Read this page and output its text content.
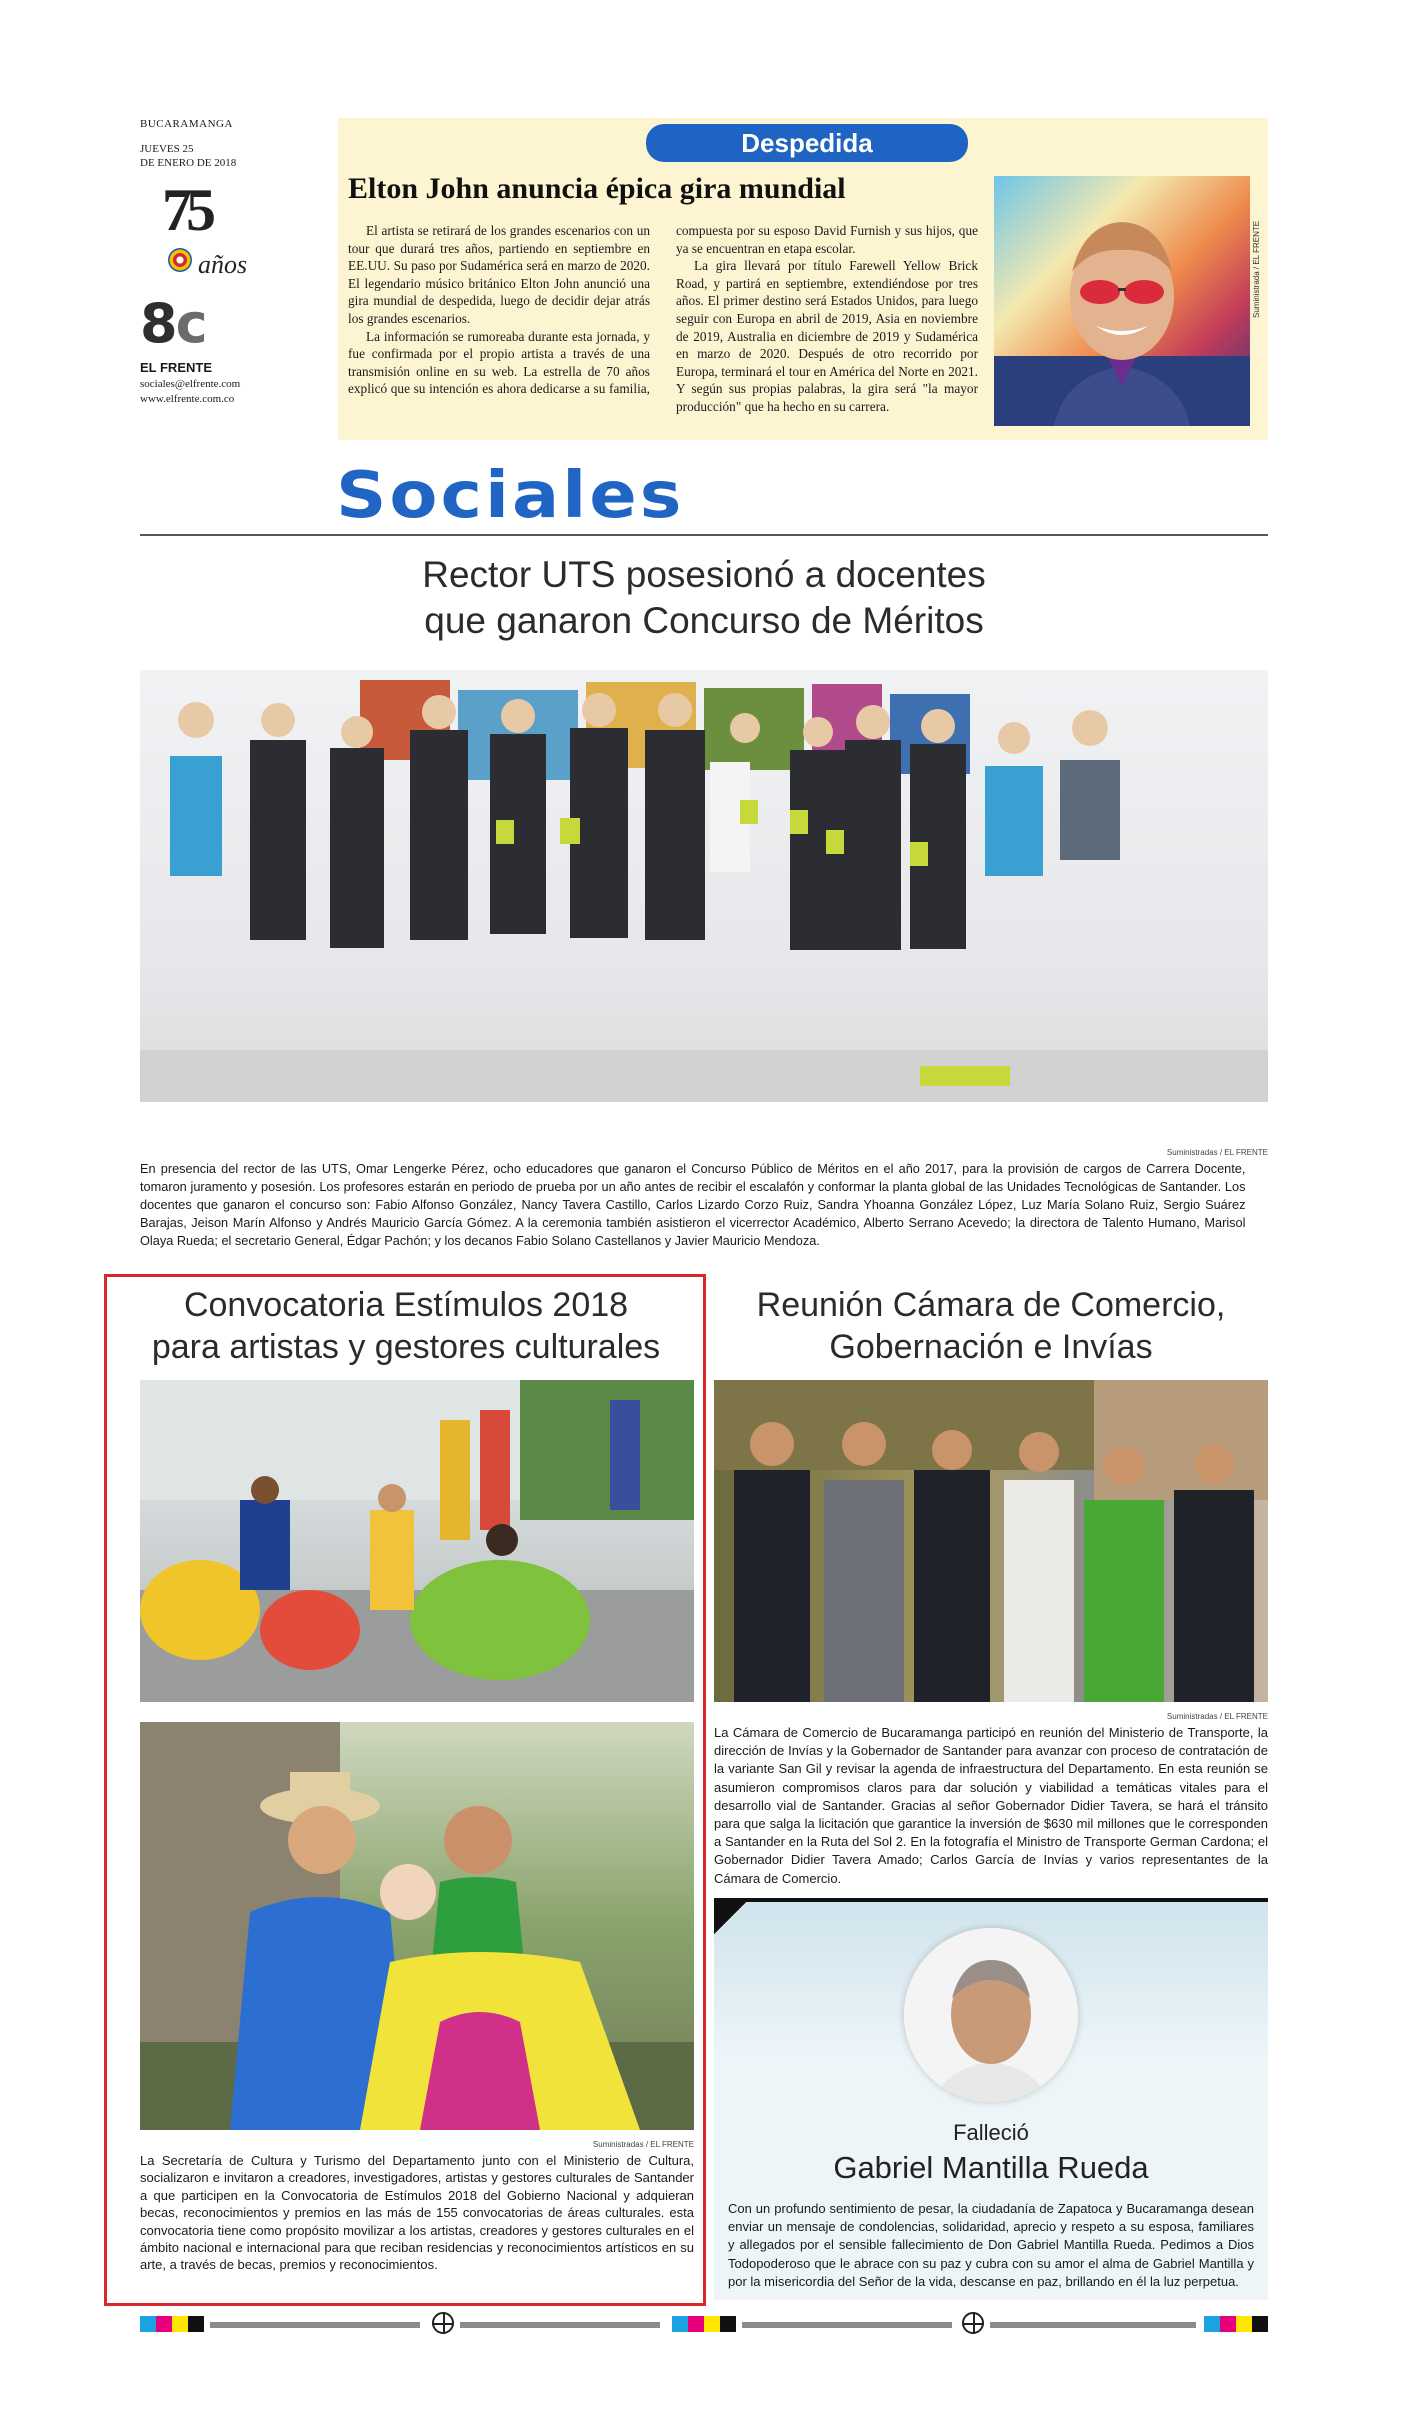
BUCARAMANGA
JUEVES 25
DE ENERO DE 2018
75
años
8c
EL FRENTE
sociales@elfrente.com
www.elfrente.com.co
Despedida
Elton John anuncia épica gira mundial

El artista se retirará de los grandes escenarios con un tour que durará tres años, partiendo en septiembre en EE.UU. Su paso por Sudamérica será en marzo de 2020. El legendario músico británico Elton John anunció una gira mundial de despedida, luego de decidir dejar atrás los grandes escenarios.

La información se rumoreaba durante esta jornada, y fue confirmada por el propio artista a través de una transmisión online en su web. La estrella de 70 años explicó que su intención es ahora dedicarse a su familia, compuesta por su esposo David Furnish y sus hijos, que ya se encuentran en etapa escolar.

La gira llevará por título Farewell Yellow Brick Road, y partirá en septiembre, extendiéndose por tres años. El primer destino será Estados Unidos, para luego seguir con Europa en abril de 2019, Asia en noviembre de 2019, Australia en diciembre de 2019 y Sudamérica en marzo de 2020. Después de otro recorrido por Europa, terminará el tour en América del Norte en 2021. Y según sus propias palabras, la gira será "la mayor producción" que ha hecho en su carrera.

Suministrada / EL FRENTE
Sociales
Rector UTS posesionó a docentes
que ganaron Concurso de Méritos
Suministradas / EL FRENTE
En presencia del rector de las UTS, Omar Lengerke Pérez, ocho educadores que ganaron el Concurso Público de Méritos en el año 2017, para la provisión de cargos de Carrera Docente, tomaron juramento y posesión. Los profesores estarán en periodo de prueba por un año antes de recibir el escalafón y conformar la planta global de las Unidades Tecnológicas de Santander. Los docentes que ganaron el concurso son: Fabio Alfonso González, Nancy Tavera Castillo, Carlos Lizardo Corzo Ruiz, Sandra Yhoanna González López, Luz María Solano Ruiz, Sergio Suárez Barajas, Jeison Marín Alfonso y Andrés Mauricio García Gómez. A la ceremonia también asistieron el vicerrector Académico, Alberto Serrano Acevedo; la directora de Talento Humano, Marisol Olaya Rueda; el secretario General, Édgar Pachón; y los decanos Fabio Solano Castellanos y Javier Mauricio Mendoza.
Convocatoria Estímulos 2018
para artistas y gestores culturales
Suministradas / EL FRENTE
La Secretaría de Cultura y Turismo del Departamento junto con el Ministerio de Cultura, socializaron e invitaron a creadores, investigadores, artistas y gestores culturales de Santander a que participen en la Convocatoria de Estímulos 2018 del Gobierno Nacional y adquieran becas, reconocimientos y premios en las más de 155 convocatorias de áreas culturales. esta convocatoria tiene como propósito movilizar a los artistas, creadores y gestores culturales en el ámbito nacional e internacional para que reciban residencias y reconocimientos artísticos en su arte, a través de becas, premios y reconocimientos.
Reunión Cámara de Comercio,
Gobernación e Invías
Suministradas / EL FRENTE
La Cámara de Comercio de Bucaramanga participó en reunión del Ministerio de Transporte, la dirección de Invías y la Gobernador de Santander para avanzar con proceso de contratación de la variante San Gil y revisar la agenda de infraestructura del Departamento. En esta reunión se asumieron compromisos claros para dar solución y viabilidad a temáticas vitales para el desarrollo vial de Santander. Gracias al señor Gobernador Didier Tavera, se hará el tránsito para que salga la licitación que garantice la inversión de $630 mil millones que le corresponden a Santander en la Ruta del Sol 2. En la fotografía el Ministro de Transporte German Cardona; el Gobernador Didier Tavera Amado; Carlos García de Invías y varios representantes de la Cámara de Comercio.
Falleció
Gabriel Mantilla Rueda
Con un profundo sentimiento de pesar, la ciudadanía de Zapatoca y Bucaramanga desean enviar un mensaje de condolencias, solidaridad, aprecio y respeto a su esposa, familiares y allegados por el sensible fallecimiento de Don Gabriel Mantilla Rueda. Pedimos a Dios Todopoderoso que le abrace con su paz y cubra con su amor el alma de Gabriel Mantilla y por la misericordia del Señor de la vida, descanse en paz, brillando en él la luz perpetua.
